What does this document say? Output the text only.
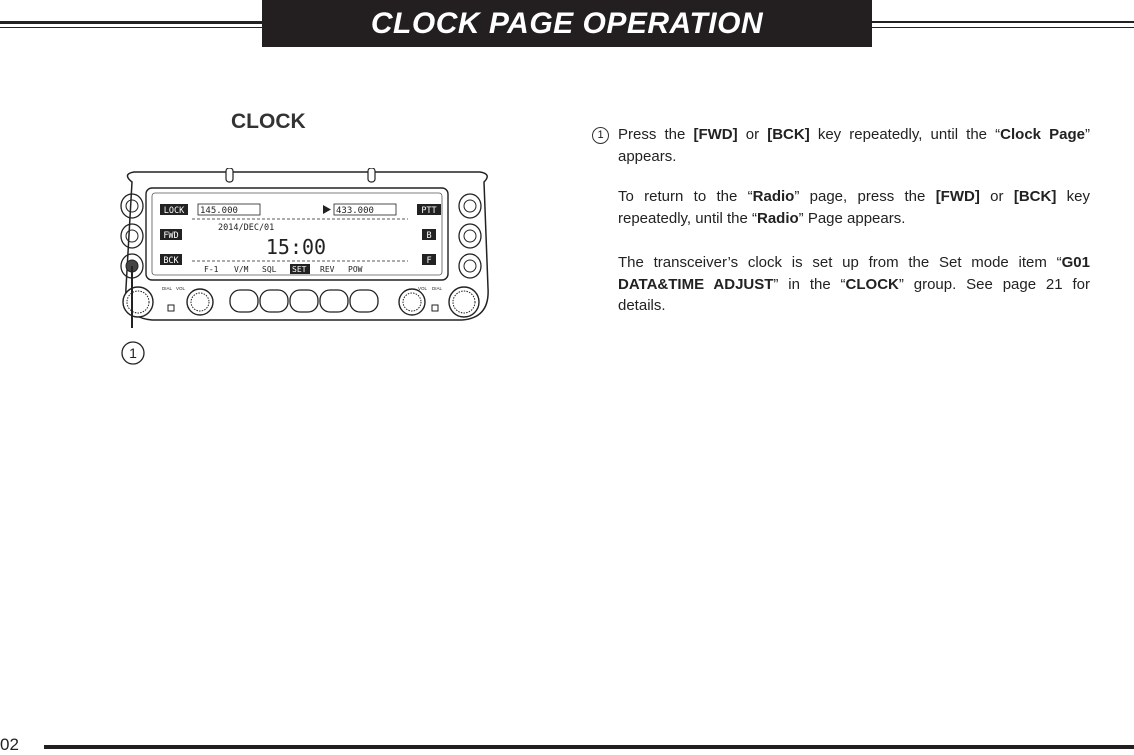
CLOCK PAGE OPERATION
CLOCK
LOCK
FWD
BCK
PTT
B
F
145.000	433.000
2014/DEC/01
15:00
F-1 V/M SQL SET REV POW
DIAL VOL	VOL DIAL
1
1 Press the [FWD] or [BCK] key repeatedly, until the “Clock Page” appears.
To return to the “Radio” page, press the [FWD] or [BCK] key repeatedly, until the “Radio” Page appears.
The transceiver’s clock is set up from the Set mode item “G01 DATA&TIME ADJUST” in the “CLOCK” group. See page 21 for details.
02
